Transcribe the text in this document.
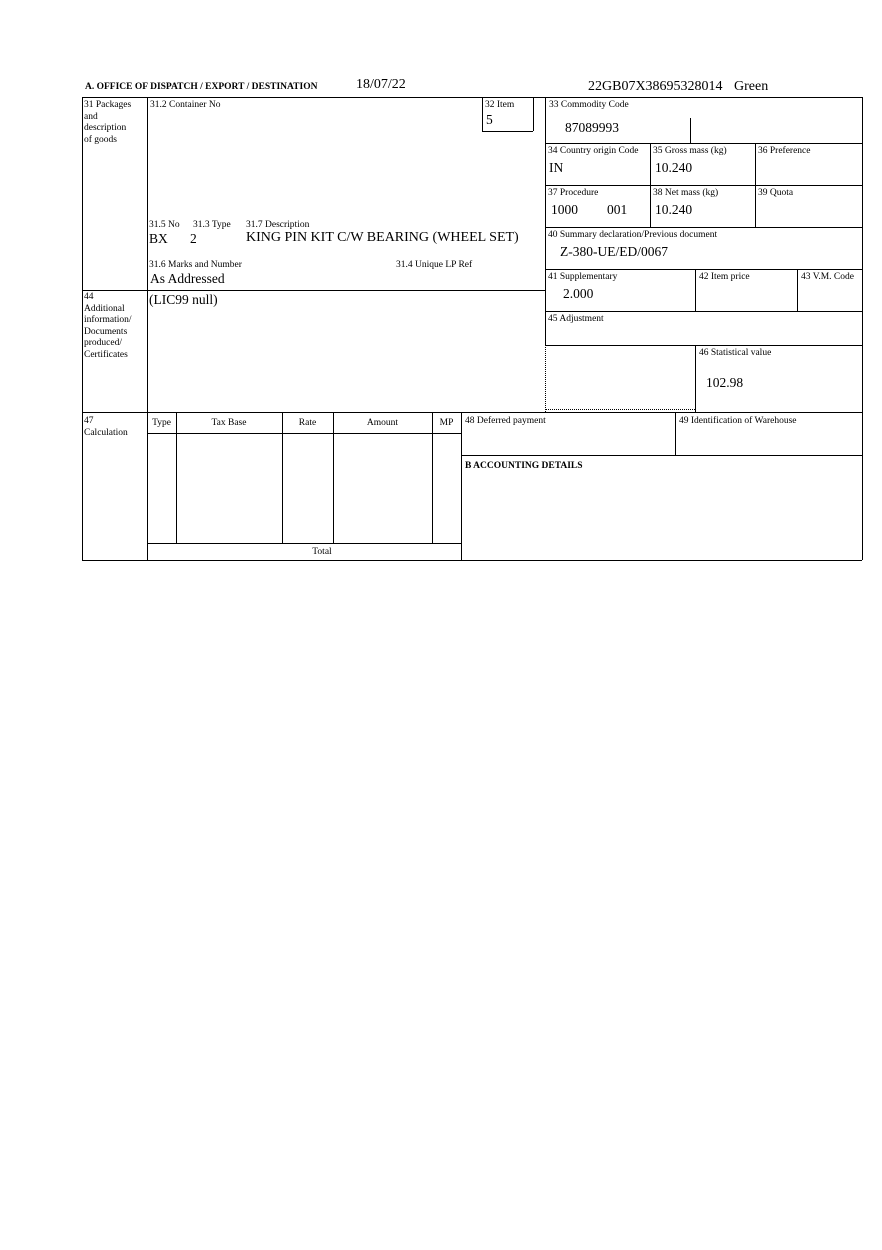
A. OFFICE OF DISPATCH / EXPORT / DESTINATION	18/07/22	22GB07X38695328014 Green
31 Packages
and
description
of goods
31.2 Container No	32 Item
5
31.5 No 31.3 Type 31.7 Description
BX 2	KING PIN KIT C/W BEARING (WHEEL SET)
31.6 Marks and Number	31.4 Unique LP Ref
As Addressed
33 Commodity Code
87089993
34 Country origin Code
IN
35 Gross mass (kg)
10.240
36 Preference
37 Procedure
1000 001
38 Net mass (kg)
10.240
39 Quota
40 Summary declaration/Previous document
Z-380-UE/ED/0067
41 Supplementary
2.000
42 Item price	43 V.M. Code
44
Additional
information/
Documents
produced/
Certificates
(LIC99 null)
45 Adjustment
46 Statistical value
102.98
47
Calculation
Type	Tax Base	Rate	Amount	MP
Total
48 Deferred payment	49 Identification of Warehouse
B ACCOUNTING DETAILS
